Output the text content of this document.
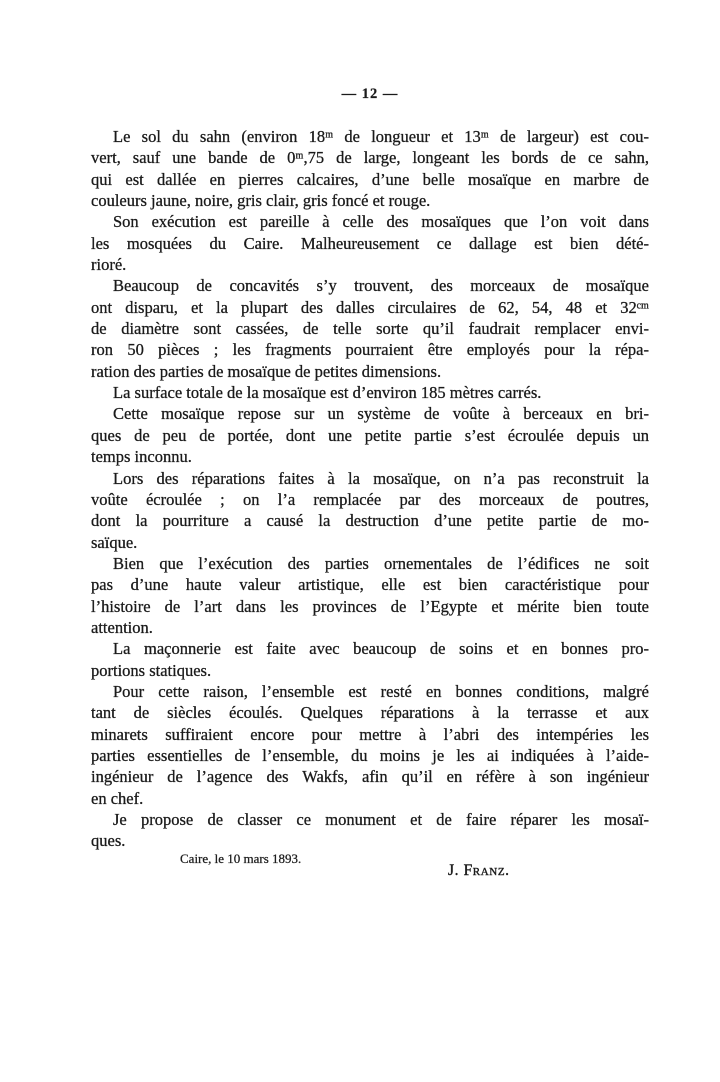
— 12 —
Le sol du sahn (environ 18ᵐ de longueur et 13ᵐ de largeur) est cou-
vert, sauf une bande de 0ᵐ,75 de large, longeant les bords de ce sahn,
qui est dallée en pierres calcaires, d’une belle mosaïque en marbre de
couleurs jaune, noire, gris clair, gris foncé et rouge.
Son exécution est pareille à celle des mosaïques que l’on voit dans
les mosquées du Caire. Malheureusement ce dallage est bien dété-
rioré.
Beaucoup de concavités s’y trouvent, des morceaux de mosaïque
ont disparu, et la plupart des dalles circulaires de 62, 54, 48 et 32ᶜᵐ
de diamètre sont cassées, de telle sorte qu’il faudrait remplacer envi-
ron 50 pièces ; les fragments pourraient être employés pour la répa-
ration des parties de mosaïque de petites dimensions.
La surface totale de la mosaïque est d’environ 185 mètres carrés.
Cette mosaïque repose sur un système de voûte à berceaux en bri-
ques de peu de portée, dont une petite partie s’est écroulée depuis un
temps inconnu.
Lors des réparations faites à la mosaïque, on n’a pas reconstruit la
voûte écroulée ; on l’a remplacée par des morceaux de poutres,
dont la pourriture a causé la destruction d’une petite partie de mo-
saïque.
Bien que l’exécution des parties ornementales de l’édifices ne soit
pas d’une haute valeur artistique, elle est bien caractéristique pour
l’histoire de l’art dans les provinces de l’Egypte et mérite bien toute
attention.
La maçonnerie est faite avec beaucoup de soins et en bonnes pro-
portions statiques.
Pour cette raison, l’ensemble est resté en bonnes conditions, malgré
tant de siècles écoulés. Quelques réparations à la terrasse et aux
minarets suffiraient encore pour mettre à l’abri des intempéries les
parties essentielles de l’ensemble, du moins je les ai indiquées à l’aide-
ingénieur de l’agence des Wakfs, afin qu’il en réfère à son ingénieur
en chef.
Je propose de classer ce monument et de faire réparer les mosaï-
ques.
Caire, le 10 mars 1893.
J. Franz.
